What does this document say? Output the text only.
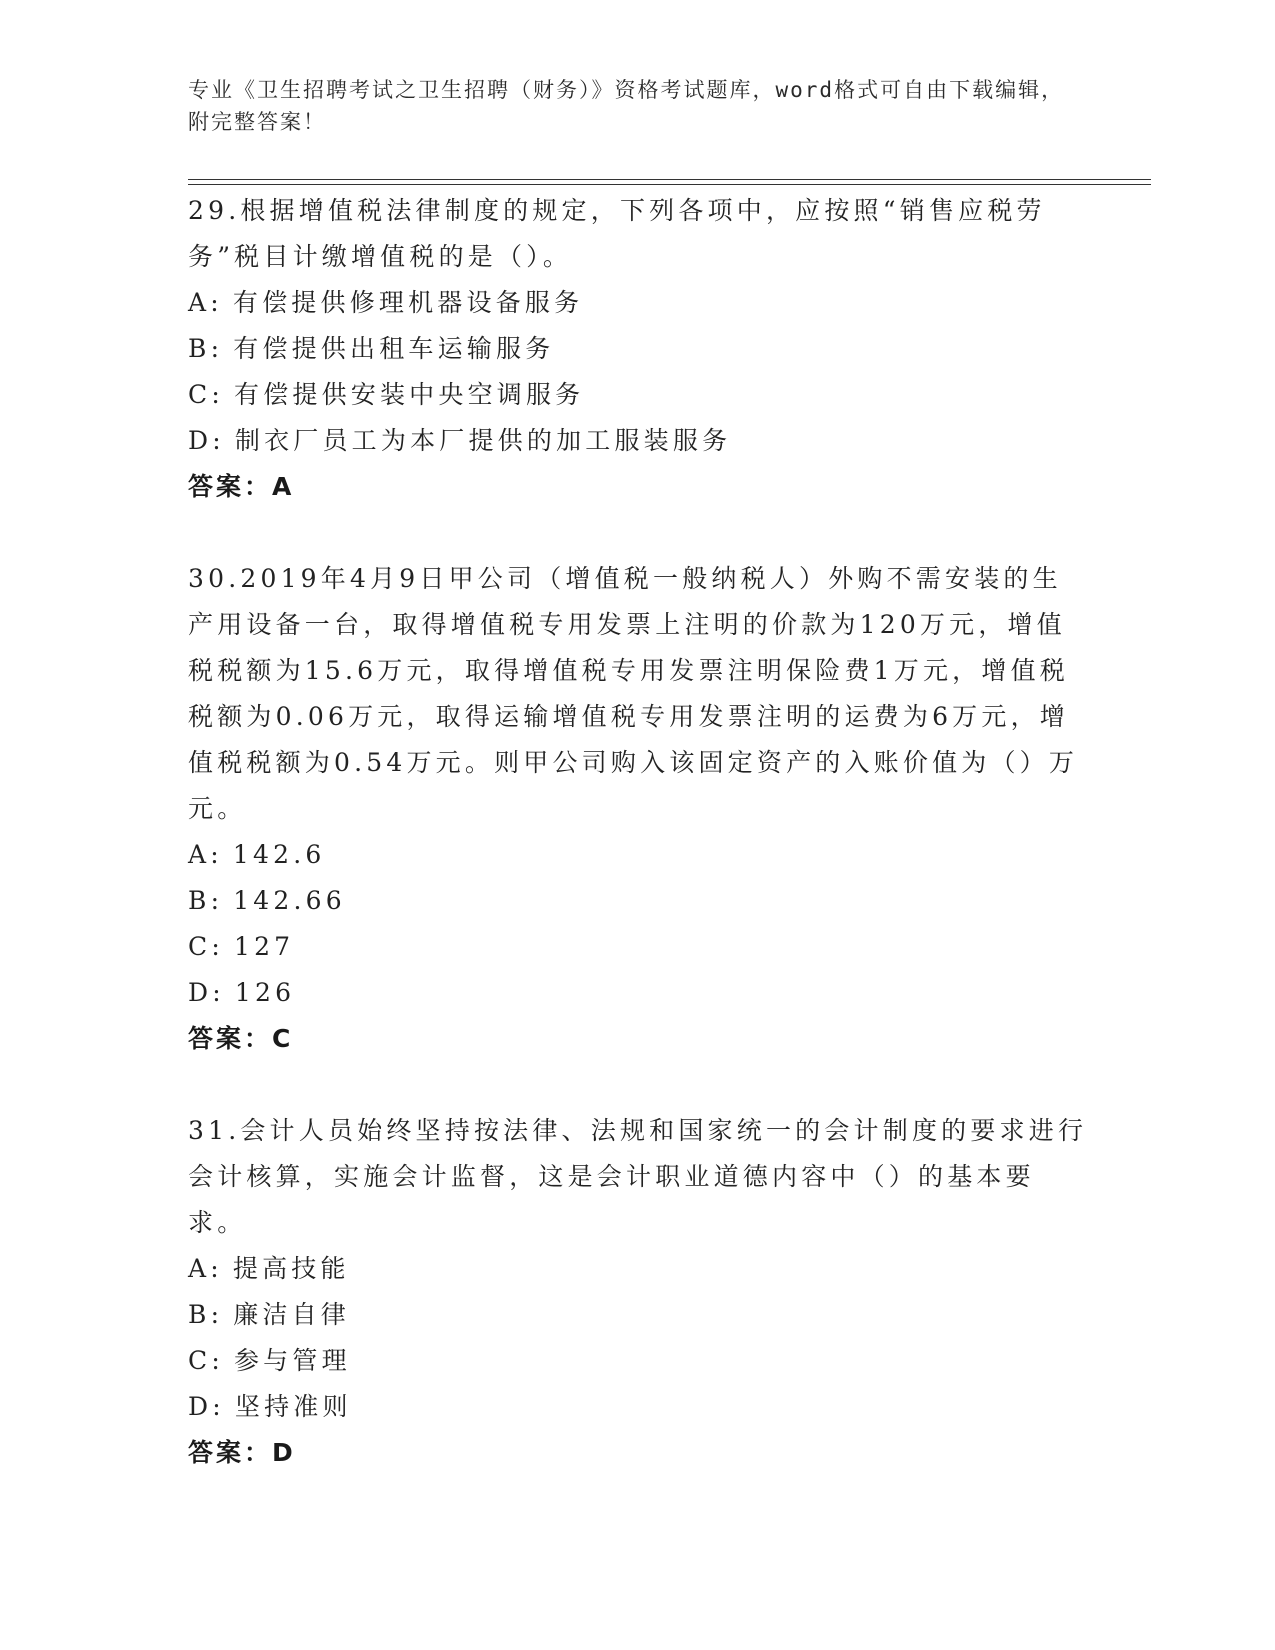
专业《卫生招聘考试之卫生招聘（财务）》资格考试题库，word格式可自由下载编辑，附完整答案！

29.根据增值税法律制度的规定，下列各项中，应按照“销售应税劳务”税目计缴增值税的是（）。

A: 有偿提供修理机器设备服务
B: 有偿提供出租车运输服务
C: 有偿提供安装中央空调服务
D: 制衣厂员工为本厂提供的加工服装服务
答案：A

30.2019年4月9日甲公司（增值税一般纳税人）外购不需安装的生产用设备一台，取得增值税专用发票上注明的价款为120万元，增值税税额为15.6万元，取得增值税专用发票注明保险费1万元，增值税税额为0.06万元，取得运输增值税专用发票注明的运费为6万元，增值税税额为0.54万元。则甲公司购入该固定资产的入账价值为（）万元。

A: 142.6
B: 142.66
C: 127
D: 126
答案：C

31.会计人员始终坚持按法律、法规和国家统一的会计制度的要求进行会计核算，实施会计监督，这是会计职业道德内容中（）的基本要求。

A: 提高技能
B: 廉洁自律
C: 参与管理
D: 坚持准则
答案：D
